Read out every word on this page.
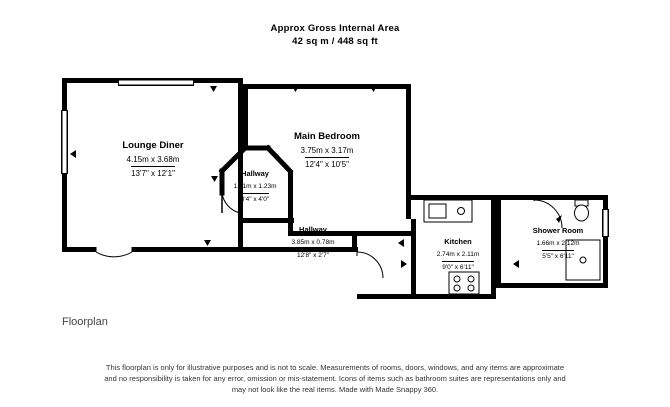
Approx Gross Internal Area
42 sq m / 448 sq ft
Lounge Diner
4.15m x 3.68m
13'7" x 12'1"
Main Bedroom
3.75m x 3.17m
12'4" x 10'5"
Hallway
1.01m x 1.23m
3'4" x 4'0"
Hallway
3.85m x 0.78m
12'8" x 2'7"
Kitchen
2.74m x 2.11m
9'0" x 6'11"
Shower Room
1.66m x 2.12m
5'5" x 6'11"
Floorplan
This floorplan is only for illustrative purposes and is not to scale. Measurements of rooms, doors, windows, and any items are approximate
and no responsibility is taken for any error, omission or mis-statement. Icons of items such as bathroom suites are representations only and
may not look like the real items. Made with Made Snappy 360.
